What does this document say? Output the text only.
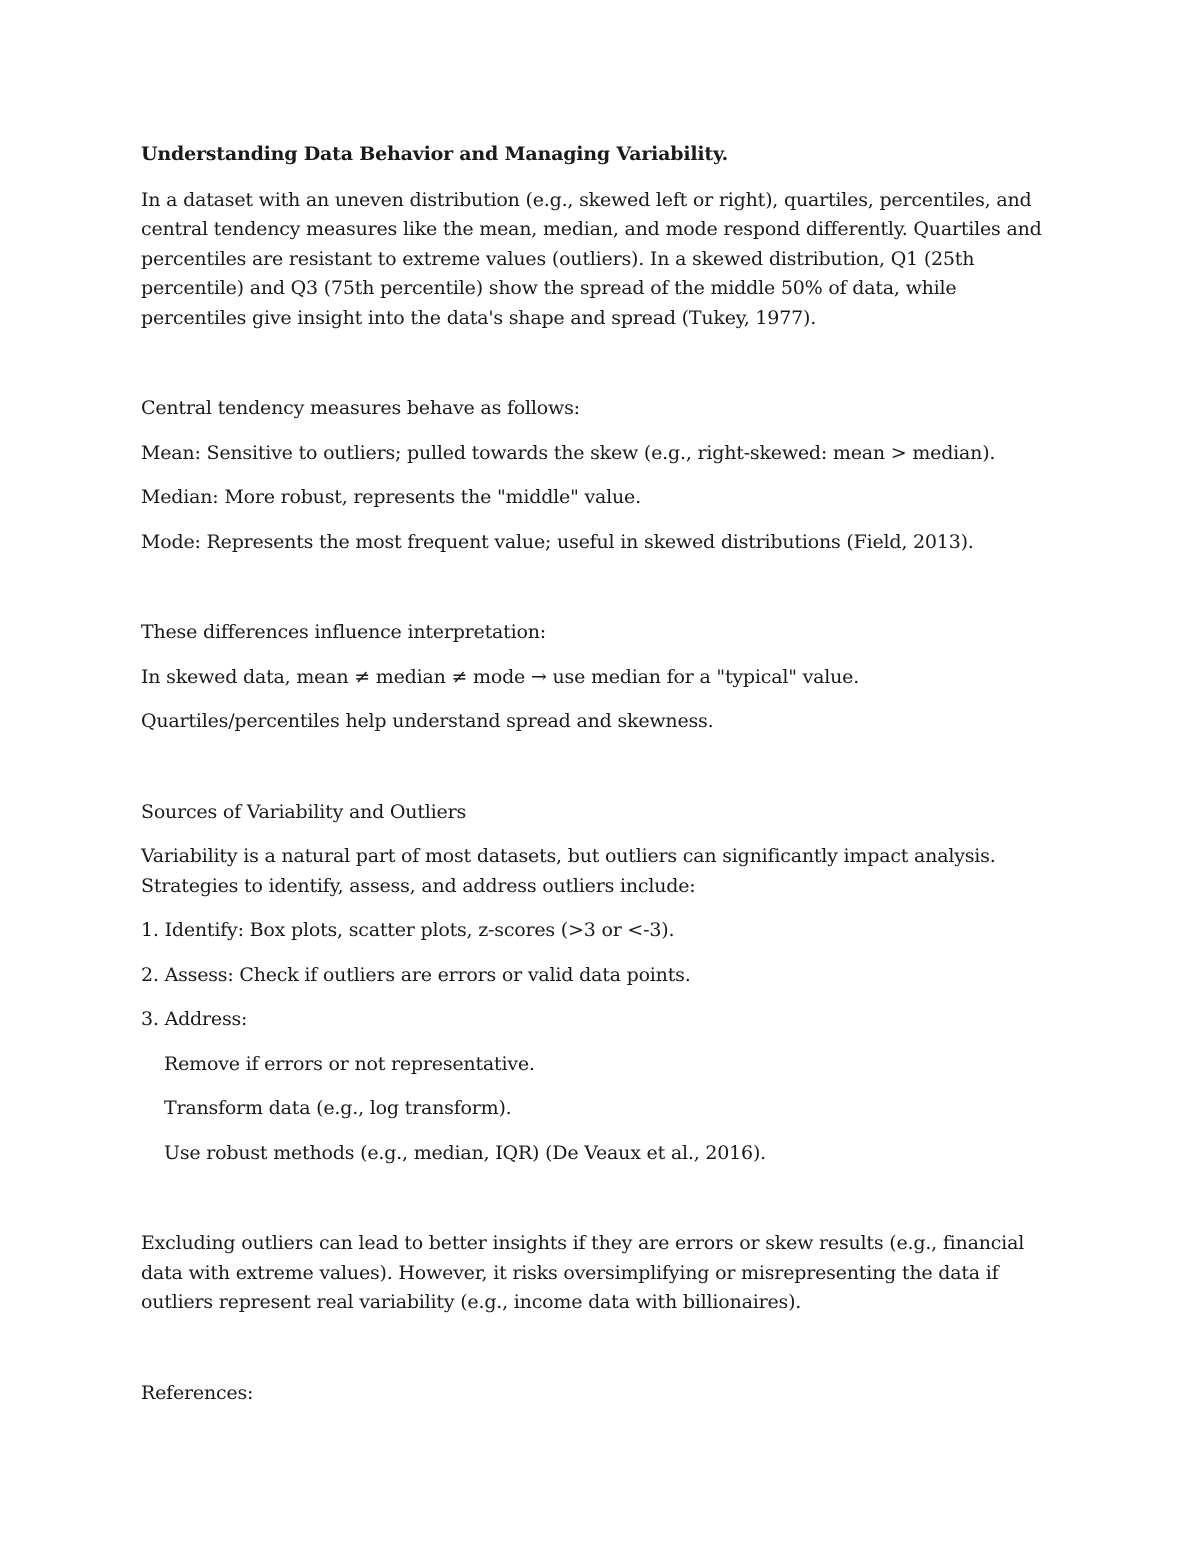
Understanding Data Behavior and Managing Variability.

In a dataset with an uneven distribution (e.g., skewed left or right), quartiles, percentiles, and central tendency measures like the mean, median, and mode respond differently. Quartiles and percentiles are resistant to extreme values (outliers). In a skewed distribution, Q1 (25th percentile) and Q3 (75th percentile) show the spread of the middle 50% of data, while percentiles give insight into the data's shape and spread (Tukey, 1977).

Central tendency measures behave as follows:

Mean: Sensitive to outliers; pulled towards the skew (e.g., right-skewed: mean > median).

Median: More robust, represents the "middle" value.

Mode: Represents the most frequent value; useful in skewed distributions (Field, 2013).

These differences influence interpretation:

In skewed data, mean ≠ median ≠ mode → use median for a "typical" value.

Quartiles/percentiles help understand spread and skewness.

Sources of Variability and Outliers

Variability is a natural part of most datasets, but outliers can significantly impact analysis. Strategies to identify, assess, and address outliers include:

1. Identify: Box plots, scatter plots, z-scores (>3 or <-3).

2. Assess: Check if outliers are errors or valid data points.

3. Address:

Remove if errors or not representative.

Transform data (e.g., log transform).

Use robust methods (e.g., median, IQR) (De Veaux et al., 2016).

Excluding outliers can lead to better insights if they are errors or skew results (e.g., financial data with extreme values). However, it risks oversimplifying or misrepresenting the data if outliers represent real variability (e.g., income data with billionaires).

References:
